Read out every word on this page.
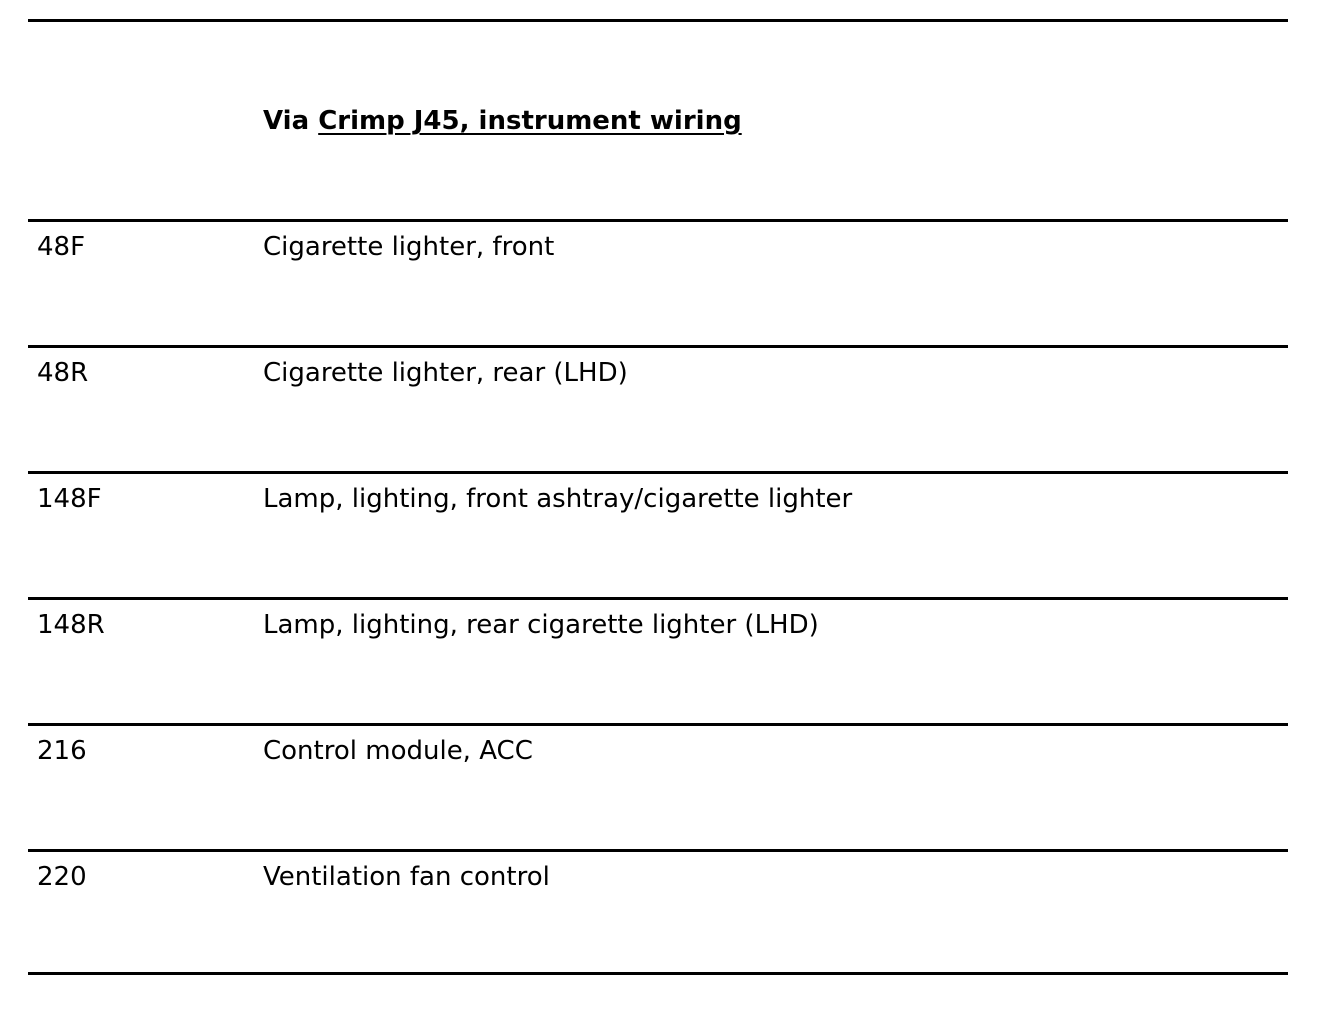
Via Crimp J45, instrument wiring
48F	Cigarette lighter, front
48R	Cigarette lighter, rear (LHD)
148F	Lamp, lighting, front ashtray/cigarette lighter
148R	Lamp, lighting, rear cigarette lighter (LHD)
216	Control module, ACC
220	Ventilation fan control
